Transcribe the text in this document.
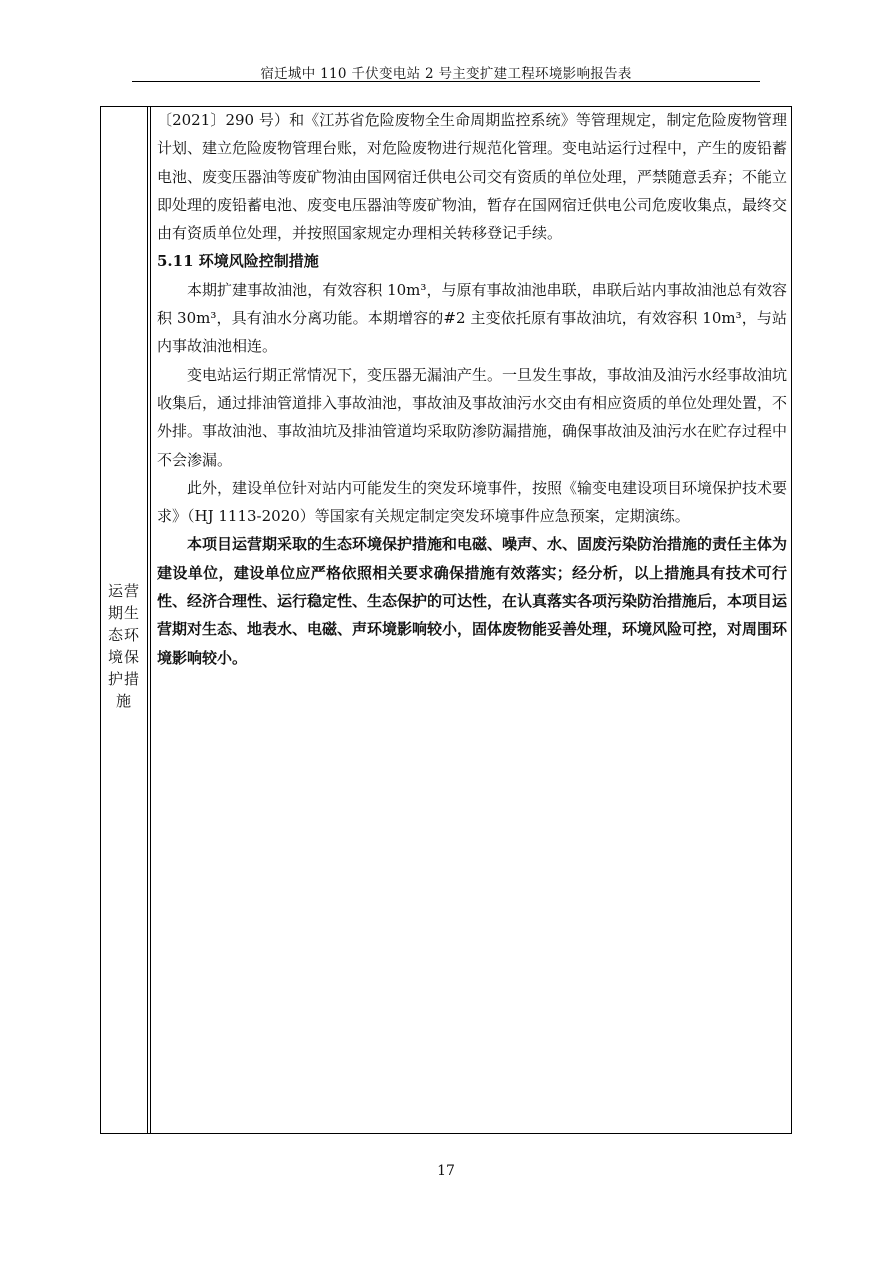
宿迁城中 110 千伏变电站 2 号主变扩建工程环境影响报告表
运营期生态环境保护措施

〔2021〕290 号）和《江苏省危险废物全生命周期监控系统》等管理规定，制定危险废物管理计划、建立危险废物管理台账，对危险废物进行规范化管理。变电站运行过程中，产生的废铅蓄电池、废变压器油等废矿物油由国网宿迁供电公司交有资质的单位处理，严禁随意丢弃；不能立即处理的废铅蓄电池、废变电压器油等废矿物油，暂存在国网宿迁供电公司危废收集点，最终交由有资质单位处理，并按照国家规定办理相关转移登记手续。

5.11 环境风险控制措施

本期扩建事故油池，有效容积 10m³，与原有事故油池串联，串联后站内事故油池总有效容积 30m³，具有油水分离功能。本期增容的#2 主变依托原有事故油坑，有效容积 10m³，与站内事故油池相连。

变电站运行期正常情况下，变压器无漏油产生。一旦发生事故，事故油及油污水经事故油坑收集后，通过排油管道排入事故油池，事故油及事故油污水交由有相应资质的单位处理处置，不外排。事故油池、事故油坑及排油管道均采取防渗防漏措施，确保事故油及油污水在贮存过程中不会渗漏。

此外，建设单位针对站内可能发生的突发环境事件，按照《输变电建设项目环境保护技术要求》（HJ 1113-2020）等国家有关规定制定突发环境事件应急预案，定期演练。

本项目运营期采取的生态环境保护措施和电磁、噪声、水、固废污染防治措施的责任主体为建设单位，建设单位应严格依照相关要求确保措施有效落实；经分析，以上措施具有技术可行性、经济合理性、运行稳定性、生态保护的可达性，在认真落实各项污染防治措施后，本项目运营期对生态、地表水、电磁、声环境影响较小，固体废物能妥善处理，环境风险可控，对周围环境影响较小。

17
